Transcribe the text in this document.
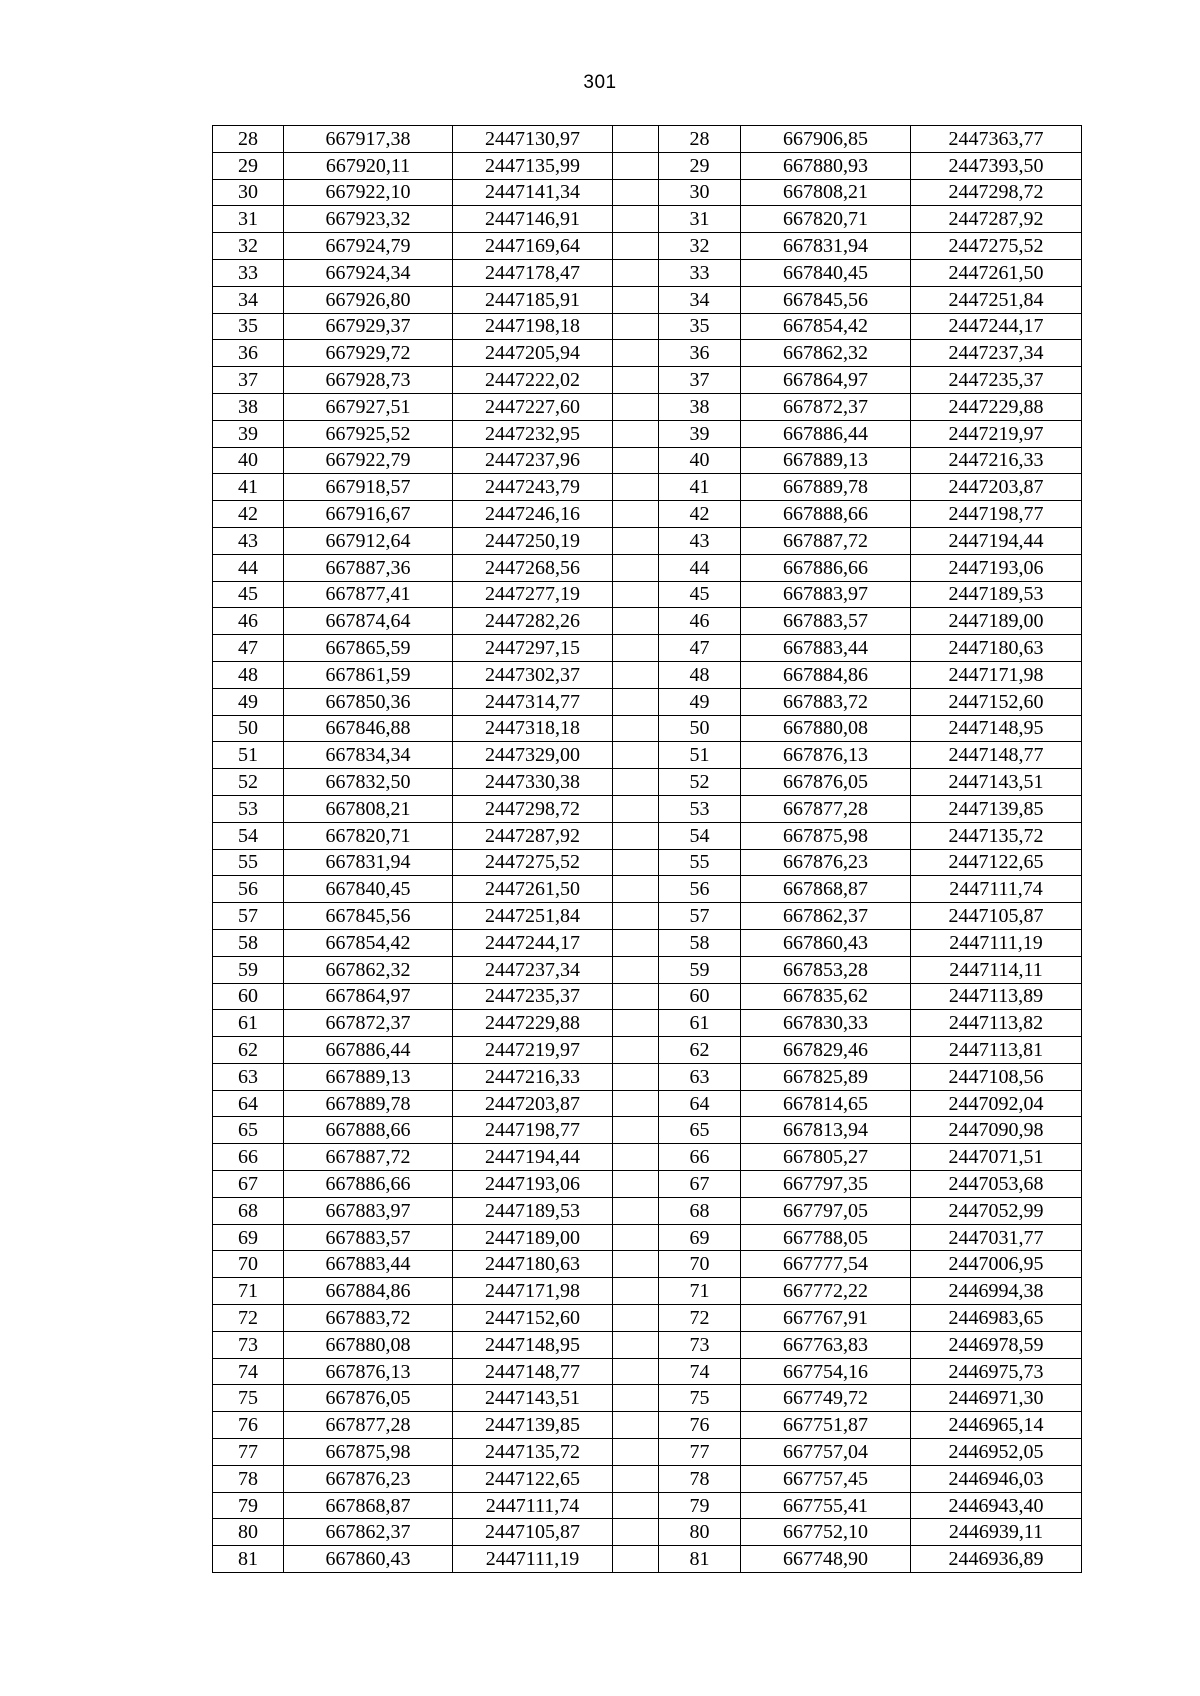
301
28	667917,38	2447130,97		28	667906,85	2447363,77
29	667920,11	2447135,99		29	667880,93	2447393,50
30	667922,10	2447141,34		30	667808,21	2447298,72
31	667923,32	2447146,91		31	667820,71	2447287,92
32	667924,79	2447169,64		32	667831,94	2447275,52
33	667924,34	2447178,47		33	667840,45	2447261,50
34	667926,80	2447185,91		34	667845,56	2447251,84
35	667929,37	2447198,18		35	667854,42	2447244,17
36	667929,72	2447205,94		36	667862,32	2447237,34
37	667928,73	2447222,02		37	667864,97	2447235,37
38	667927,51	2447227,60		38	667872,37	2447229,88
39	667925,52	2447232,95		39	667886,44	2447219,97
40	667922,79	2447237,96		40	667889,13	2447216,33
41	667918,57	2447243,79		41	667889,78	2447203,87
42	667916,67	2447246,16		42	667888,66	2447198,77
43	667912,64	2447250,19		43	667887,72	2447194,44
44	667887,36	2447268,56		44	667886,66	2447193,06
45	667877,41	2447277,19		45	667883,97	2447189,53
46	667874,64	2447282,26		46	667883,57	2447189,00
47	667865,59	2447297,15		47	667883,44	2447180,63
48	667861,59	2447302,37		48	667884,86	2447171,98
49	667850,36	2447314,77		49	667883,72	2447152,60
50	667846,88	2447318,18		50	667880,08	2447148,95
51	667834,34	2447329,00		51	667876,13	2447148,77
52	667832,50	2447330,38		52	667876,05	2447143,51
53	667808,21	2447298,72		53	667877,28	2447139,85
54	667820,71	2447287,92		54	667875,98	2447135,72
55	667831,94	2447275,52		55	667876,23	2447122,65
56	667840,45	2447261,50		56	667868,87	2447111,74
57	667845,56	2447251,84		57	667862,37	2447105,87
58	667854,42	2447244,17		58	667860,43	2447111,19
59	667862,32	2447237,34		59	667853,28	2447114,11
60	667864,97	2447235,37		60	667835,62	2447113,89
61	667872,37	2447229,88		61	667830,33	2447113,82
62	667886,44	2447219,97		62	667829,46	2447113,81
63	667889,13	2447216,33		63	667825,89	2447108,56
64	667889,78	2447203,87		64	667814,65	2447092,04
65	667888,66	2447198,77		65	667813,94	2447090,98
66	667887,72	2447194,44		66	667805,27	2447071,51
67	667886,66	2447193,06		67	667797,35	2447053,68
68	667883,97	2447189,53		68	667797,05	2447052,99
69	667883,57	2447189,00		69	667788,05	2447031,77
70	667883,44	2447180,63		70	667777,54	2447006,95
71	667884,86	2447171,98		71	667772,22	2446994,38
72	667883,72	2447152,60		72	667767,91	2446983,65
73	667880,08	2447148,95		73	667763,83	2446978,59
74	667876,13	2447148,77		74	667754,16	2446975,73
75	667876,05	2447143,51		75	667749,72	2446971,30
76	667877,28	2447139,85		76	667751,87	2446965,14
77	667875,98	2447135,72		77	667757,04	2446952,05
78	667876,23	2447122,65		78	667757,45	2446946,03
79	667868,87	2447111,74		79	667755,41	2446943,40
80	667862,37	2447105,87		80	667752,10	2446939,11
81	667860,43	2447111,19		81	667748,90	2446936,89
